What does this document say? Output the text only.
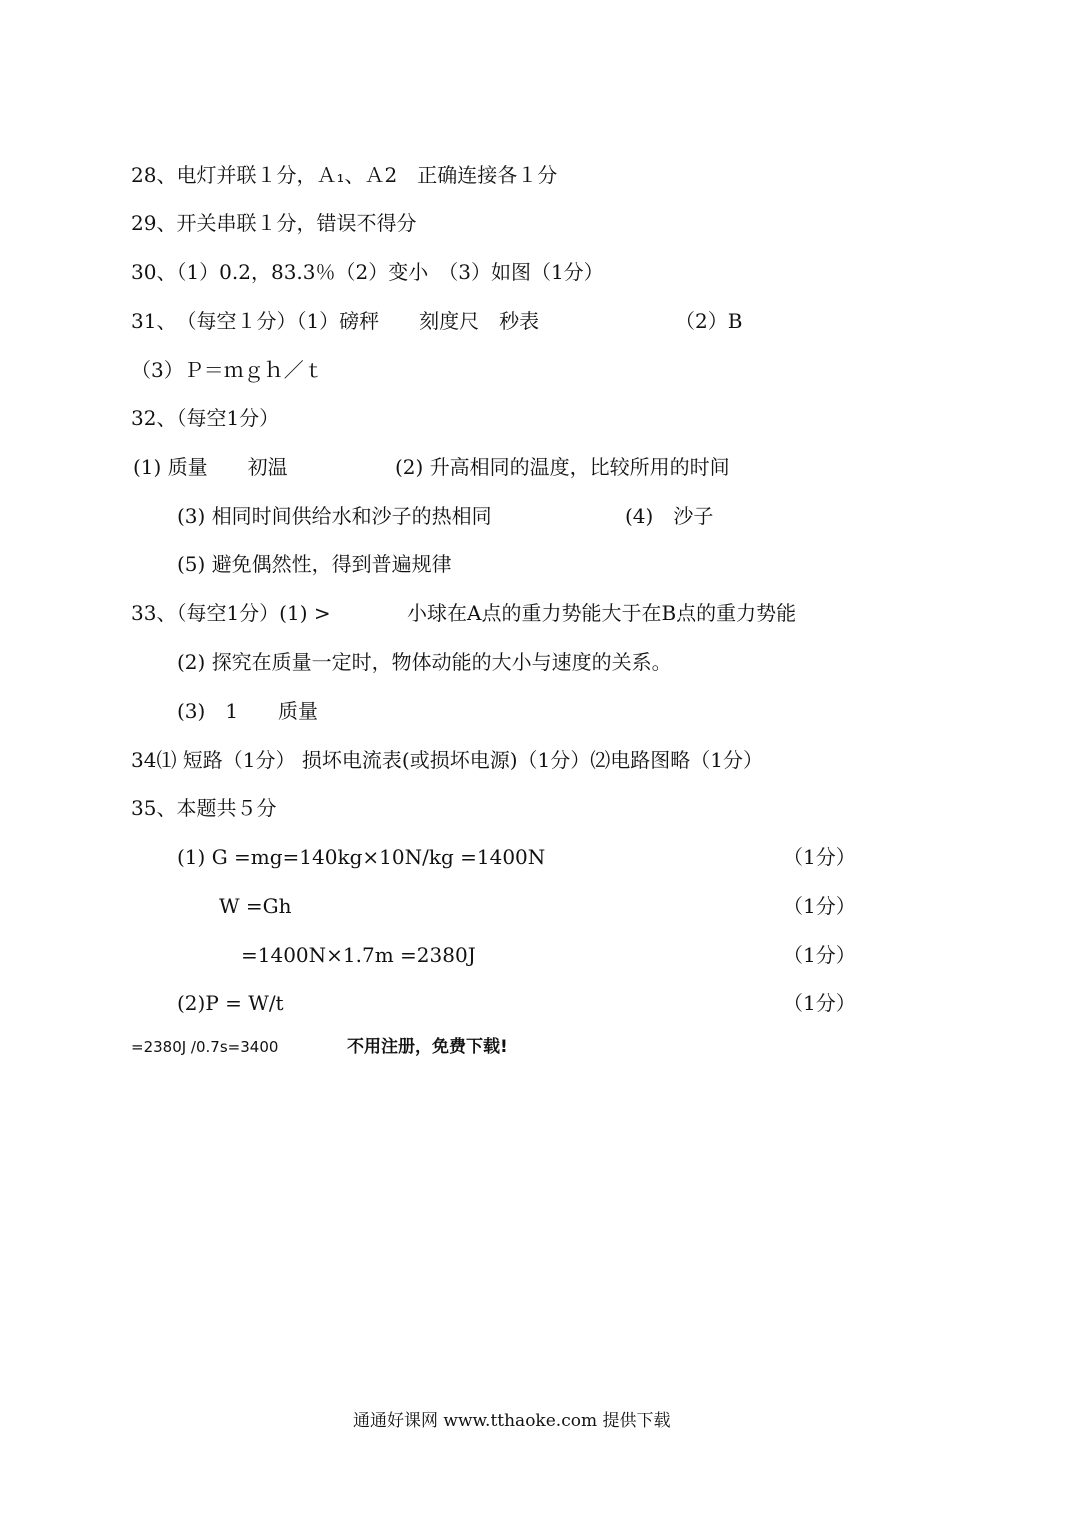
28、电灯并联１分，Ａ₁、Ａ2　正确连接各１分
29、开关串联１分，错误不得分
30、（1）0.2，83.3％（2）变小　（3）如图（1分）

31、　（每空１分）（1）磅秤　　刻度尺　秒表

	（2）B

（3）Ｐ＝ｍｇｈ／ｔ
32、（每空1分）

(1) 质量　　初温

	(2) 升高相同的温度，比较所用的时间

(3) 相同时间供给水和沙子的热相同

	(4)　沙子

(5) 避免偶然性，得到普遍规律

33、（每空1分）(1) >

	小球在A点的重力势能大于在B点的重力势能

(2) 探究在质量一定时，物体动能的大小与速度的关系。
(3)　1　　质量
34⑴ 短路（1分） 损坏电流表(或损坏电源)（1分）⑵电路图略（1分）
35、本题共５分

(1) G =mg=140kg×10N/kg =1400N

	（1分）

W =Gh

	（1分）

=1400N×1.7m =2380J

	（1分）

(2)P = W/t

	（1分）

=2380J /0.7s=3400

	不用注册，免费下载!

通通好课网 www.tthaoke.com 提供下载
